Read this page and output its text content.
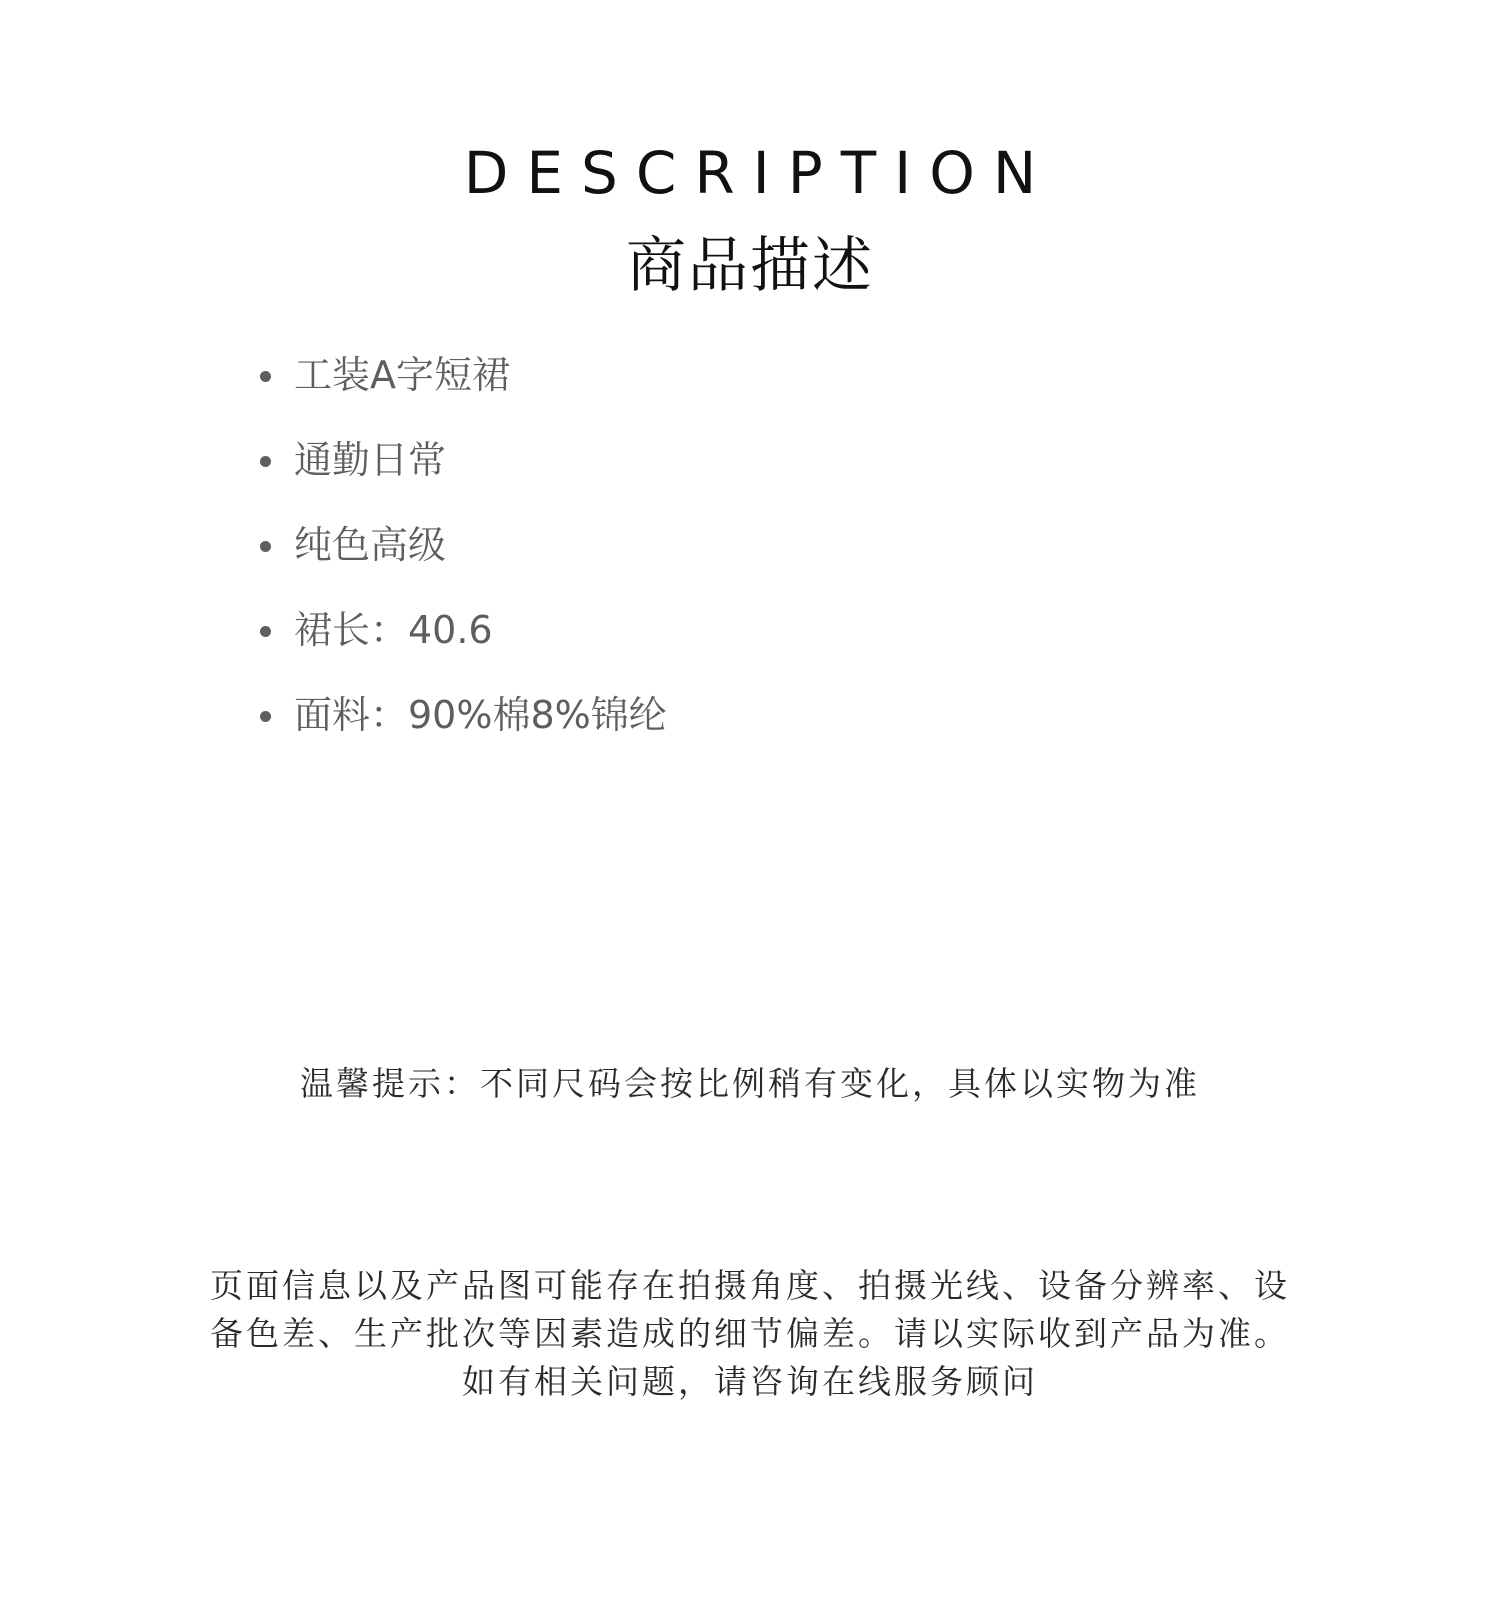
DESCRIPTION
商品描述
工装A字短裙
通勤日常
纯色高级
裙长：40.6
面料：90%棉8%锦纶
温馨提示：不同尺码会按比例稍有变化，具体以实物为准
页面信息以及产品图可能存在拍摄角度、拍摄光线、设备分辨率、设
备色差、生产批次等因素造成的细节偏差。请以实际收到产品为准。
如有相关问题，请咨询在线服务顾问
